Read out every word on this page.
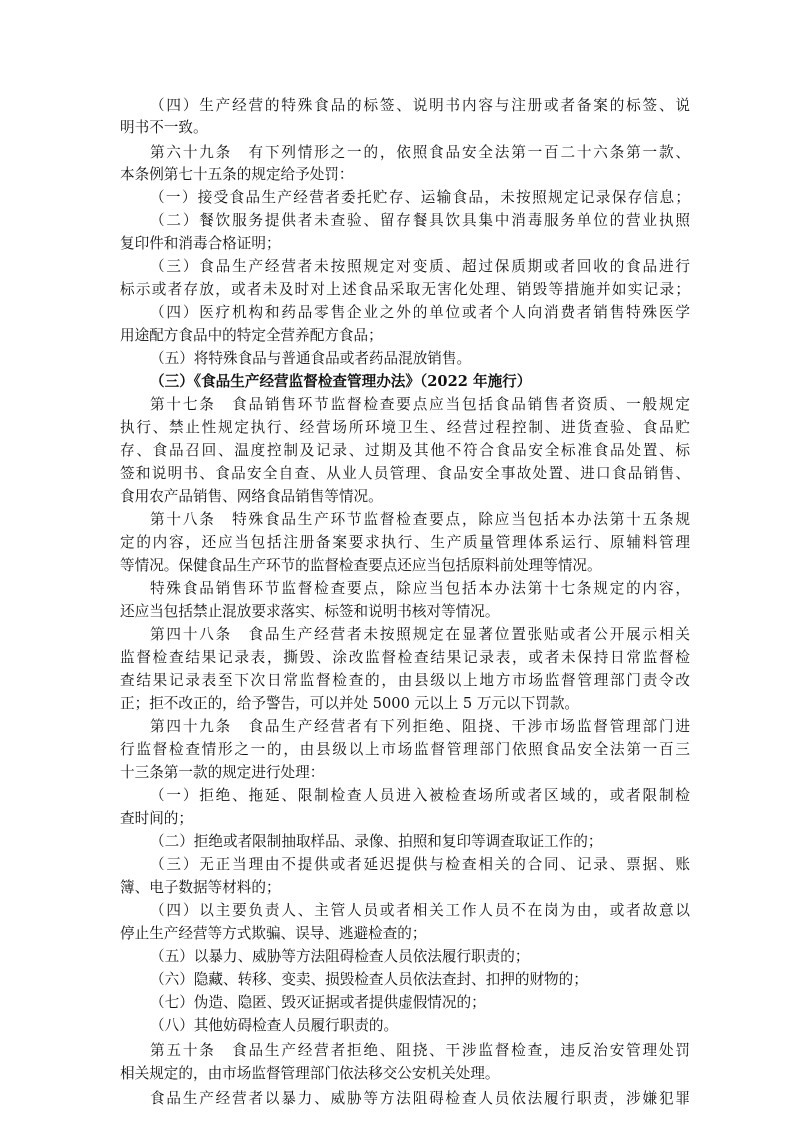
（四）生产经营的特殊食品的标签、说明书内容与注册或者备案的标签、说
明书不一致。
第六十九条　有下列情形之一的，依照食品安全法第一百二十六条第一款、
本条例第七十五条的规定给予处罚：
（一）接受食品生产经营者委托贮存、运输食品，未按照规定记录保存信息；
（二）餐饮服务提供者未查验、留存餐具饮具集中消毒服务单位的营业执照
复印件和消毒合格证明；
（三）食品生产经营者未按照规定对变质、超过保质期或者回收的食品进行
标示或者存放，或者未及时对上述食品采取无害化处理、销毁等措施并如实记录；
（四）医疗机构和药品零售企业之外的单位或者个人向消费者销售特殊医学
用途配方食品中的特定全营养配方食品；
（五）将特殊食品与普通食品或者药品混放销售。
（三）《食品生产经营监督检查管理办法》（2022 年施行）
第十七条　食品销售环节监督检查要点应当包括食品销售者资质、一般规定
执行、禁止性规定执行、经营场所环境卫生、经营过程控制、进货查验、食品贮
存、食品召回、温度控制及记录、过期及其他不符合食品安全标准食品处置、标
签和说明书、食品安全自查、从业人员管理、食品安全事故处置、进口食品销售、
食用农产品销售、网络食品销售等情况。
第十八条　特殊食品生产环节监督检查要点，除应当包括本办法第十五条规
定的内容，还应当包括注册备案要求执行、生产质量管理体系运行、原辅料管理
等情况。保健食品生产环节的监督检查要点还应当包括原料前处理等情况。
特殊食品销售环节监督检查要点，除应当包括本办法第十七条规定的内容，
还应当包括禁止混放要求落实、标签和说明书核对等情况。
第四十八条　食品生产经营者未按照规定在显著位置张贴或者公开展示相关
监督检查结果记录表，撕毁、涂改监督检查结果记录表，或者未保持日常监督检
查结果记录表至下次日常监督检查的，由县级以上地方市场监督管理部门责令改
正；拒不改正的，给予警告，可以并处 5000 元以上 5 万元以下罚款。
第四十九条　食品生产经营者有下列拒绝、阻挠、干涉市场监督管理部门进
行监督检查情形之一的，由县级以上市场监督管理部门依照食品安全法第一百三
十三条第一款的规定进行处理：
（一）拒绝、拖延、限制检查人员进入被检查场所或者区域的，或者限制检
查时间的；
（二）拒绝或者限制抽取样品、录像、拍照和复印等调查取证工作的；
（三）无正当理由不提供或者延迟提供与检查相关的合同、记录、票据、账
簿、电子数据等材料的；
（四）以主要负责人、主管人员或者相关工作人员不在岗为由，或者故意以
停止生产经营等方式欺骗、误导、逃避检查的；
（五）以暴力、威胁等方法阻碍检查人员依法履行职责的；
（六）隐藏、转移、变卖、损毁检查人员依法查封、扣押的财物的；
（七）伪造、隐匿、毁灭证据或者提供虚假情况的；
（八）其他妨碍检查人员履行职责的。
第五十条　食品生产经营者拒绝、阻挠、干涉监督检查，违反治安管理处罚
相关规定的，由市场监督管理部门依法移交公安机关处理。
食品生产经营者以暴力、威胁等方法阻碍检查人员依法履行职责，涉嫌犯罪
